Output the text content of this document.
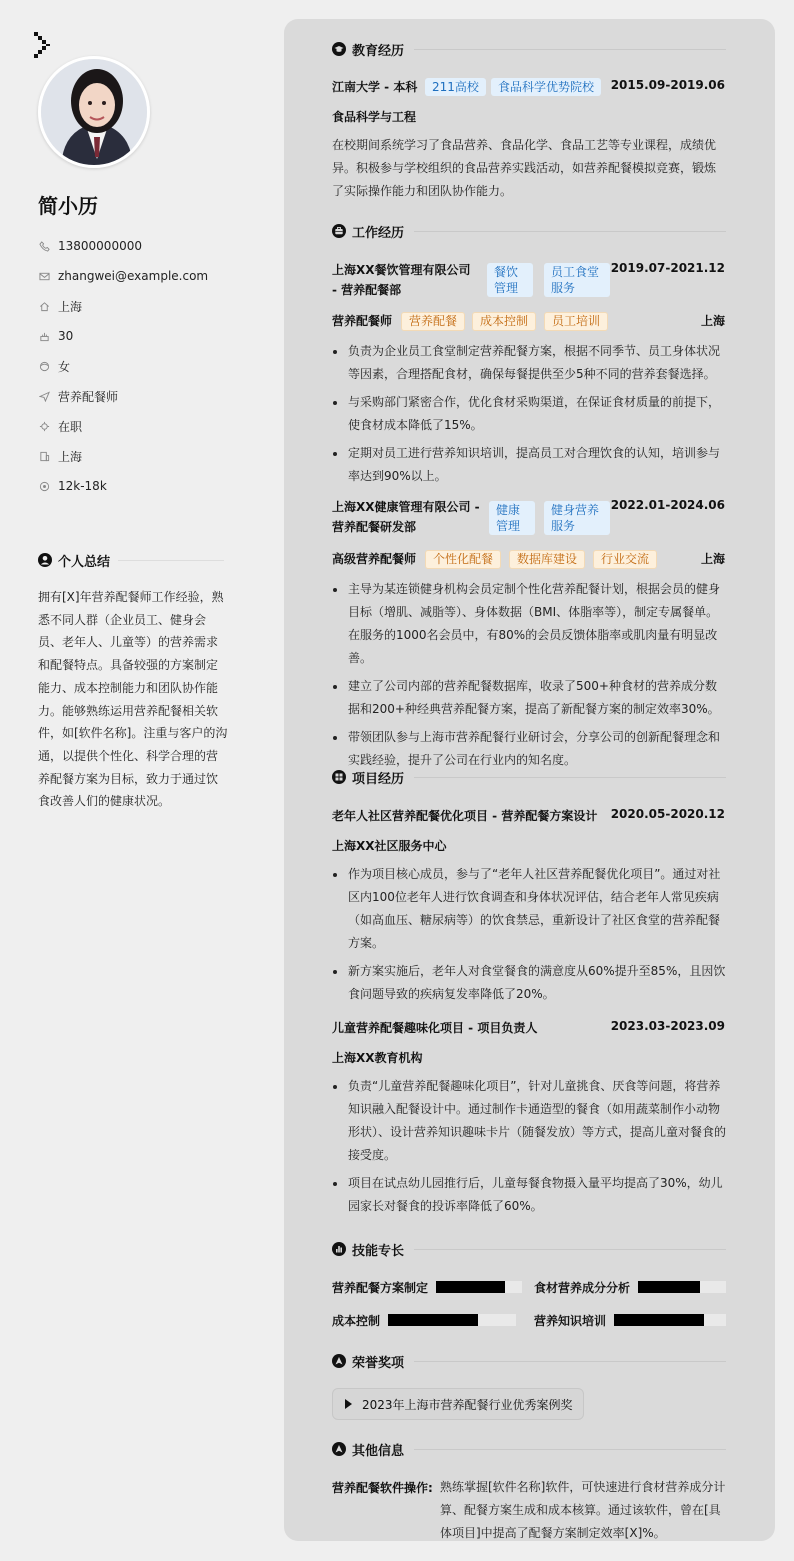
简小历
13800000000
zhangwei@example.com
上海
30
女
营养配餐师
在职
上海
12k-18k
个人总结
拥有[X]年营养配餐师工作经验，熟悉不同人群（企业员工、健身会员、老年人、儿童等）的营养需求和配餐特点。具备较强的方案制定能力、成本控制能力和团队协作能力。能够熟练运用营养配餐相关软件，如[软件名称]。注重与客户的沟通，以提供个性化、科学合理的营养配餐方案为目标，致力于通过饮食改善人们的健康状况。
教育经历
江南大学 - 本科	211高校	食品科学优势院校	2015.09-2019.06
食品科学与工程
在校期间系统学习了食品营养、食品化学、食品工艺等专业课程，成绩优异。积极参与学校组织的食品营养实践活动，如营养配餐模拟竞赛，锻炼了实际操作能力和团队协作能力。
工作经历
上海XX餐饮管理有限公司 - 营养配餐部
餐饮管理
员工食堂服务
2019.07-2021.12
营养配餐师	营养配餐	成本控制	员工培训	上海
负责为企业员工食堂制定营养配餐方案，根据不同季节、员工身体状况等因素，合理搭配食材，确保每餐提供至少5种不同的营养套餐选择。
与采购部门紧密合作，优化食材采购渠道，在保证食材质量的前提下，使食材成本降低了15%。
定期对员工进行营养知识培训，提高员工对合理饮食的认知，培训参与率达到90%以上。
上海XX健康管理有限公司 - 营养配餐研发部
健康管理
健身营养服务
2022.01-2024.06
高级营养配餐师	个性化配餐	数据库建设	行业交流	上海
主导为某连锁健身机构会员定制个性化营养配餐计划，根据会员的健身目标（增肌、减脂等）、身体数据（BMI、体脂率等），制定专属餐单。在服务的1000名会员中，有80%的会员反馈体脂率或肌肉量有明显改善。
建立了公司内部的营养配餐数据库，收录了500+种食材的营养成分数据和200+种经典营养配餐方案，提高了新配餐方案的制定效率30%。
带领团队参与上海市营养配餐行业研讨会，分享公司的创新配餐理念和实践经验，提升了公司在行业内的知名度。
项目经历
老年人社区营养配餐优化项目 - 营养配餐方案设计 2020.05-2020.12
上海XX社区服务中心
作为项目核心成员，参与了“老年人社区营养配餐优化项目”。通过对社区内100位老年人进行饮食调查和身体状况评估，结合老年人常见疾病（如高血压、糖尿病等）的饮食禁忌，重新设计了社区食堂的营养配餐方案。
新方案实施后，老年人对食堂餐食的满意度从60%提升至85%，且因饮食问题导致的疾病复发率降低了20%。
儿童营养配餐趣味化项目 - 项目负责人	2023.03-2023.09
上海XX教育机构
负责“儿童营养配餐趣味化项目”，针对儿童挑食、厌食等问题，将营养知识融入配餐设计中。通过制作卡通造型的餐食（如用蔬菜制作小动物形状）、设计营养知识趣味卡片（随餐发放）等方式，提高儿童对餐食的接受度。
项目在试点幼儿园推行后，儿童每餐食物摄入量平均提高了30%，幼儿园家长对餐食的投诉率降低了60%。
技能专长
营养配餐方案制定	食材营养成分分析
成本控制	营养知识培训
荣誉奖项
2023年上海市营养配餐行业优秀案例奖
其他信息
营养配餐软件操作: 熟练掌握[软件名称]软件，可快速进行食材营养成分计算、配餐方案生成和成本核算。通过该软件，曾在[具体项目]中提高了配餐方案制定效率[X]%。
